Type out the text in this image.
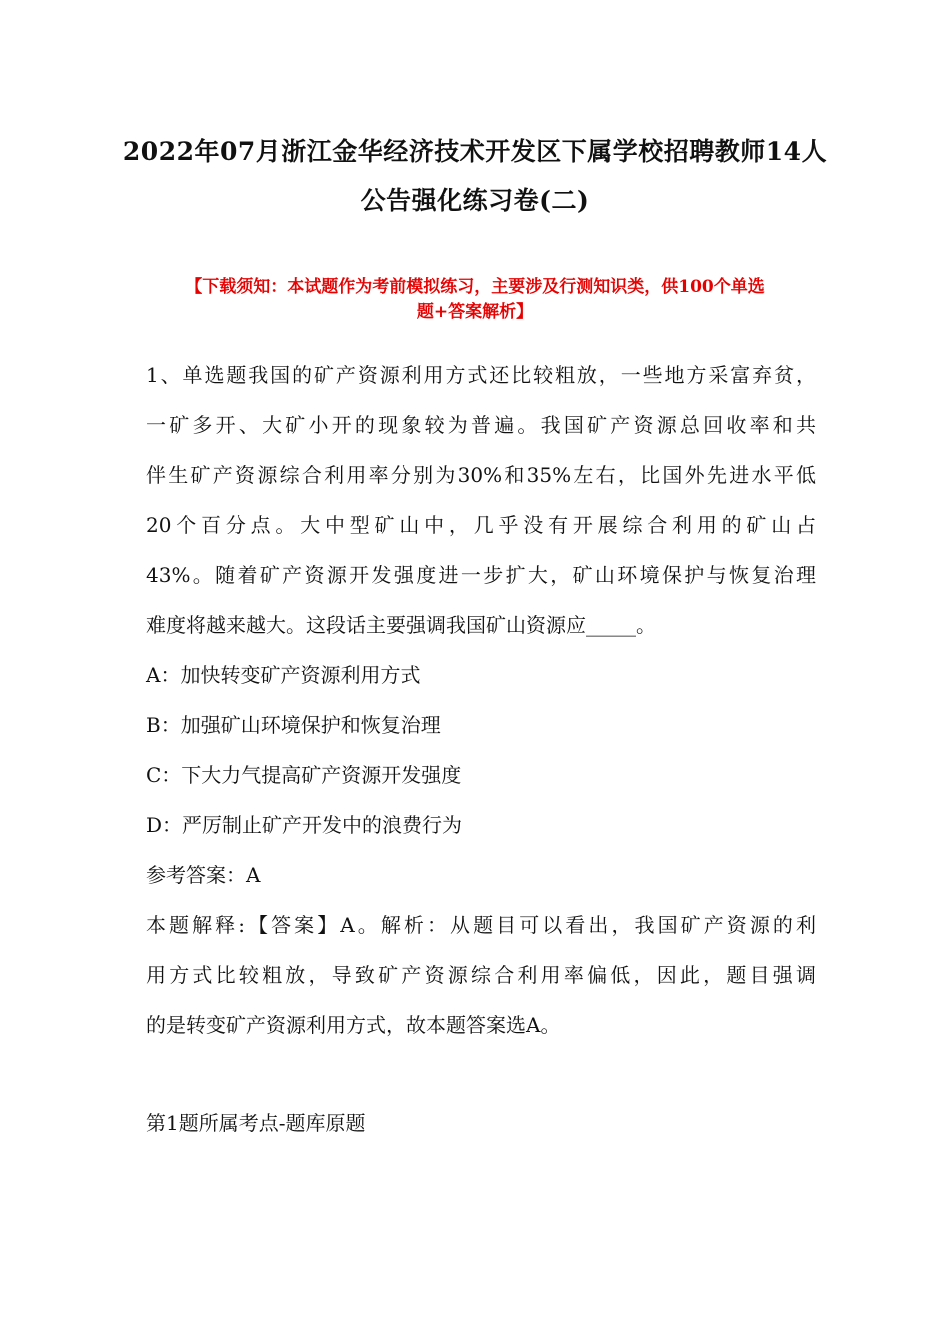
2022年07月浙江金华经济技术开发区下属学校招聘教师14人
公告强化练习卷(二)
【下载须知：本试题作为考前模拟练习，主要涉及行测知识类，供100个单选
题+答案解析】
1、单选题我国的矿产资源利用方式还比较粗放，一些地方采富弃贫，
一矿多开、大矿小开的现象较为普遍。我国矿产资源总回收率和共
伴生矿产资源综合利用率分别为30%和35%左右，比国外先进水平低
20个百分点。大中型矿山中，几乎没有开展综合利用的矿山占
43%。随着矿产资源开发强度进一步扩大，矿山环境保护与恢复治理
难度将越来越大。这段话主要强调我国矿山资源应_____。
A：加快转变矿产资源利用方式
B：加强矿山环境保护和恢复治理
C：下大力气提高矿产资源开发强度
D：严厉制止矿产开发中的浪费行为
参考答案：A
本题解释:【答案】A。解析：从题目可以看出，我国矿产资源的利
用方式比较粗放，导致矿产资源综合利用率偏低，因此，题目强调
的是转变矿产资源利用方式，故本题答案选A。
第1题所属考点-题库原题
